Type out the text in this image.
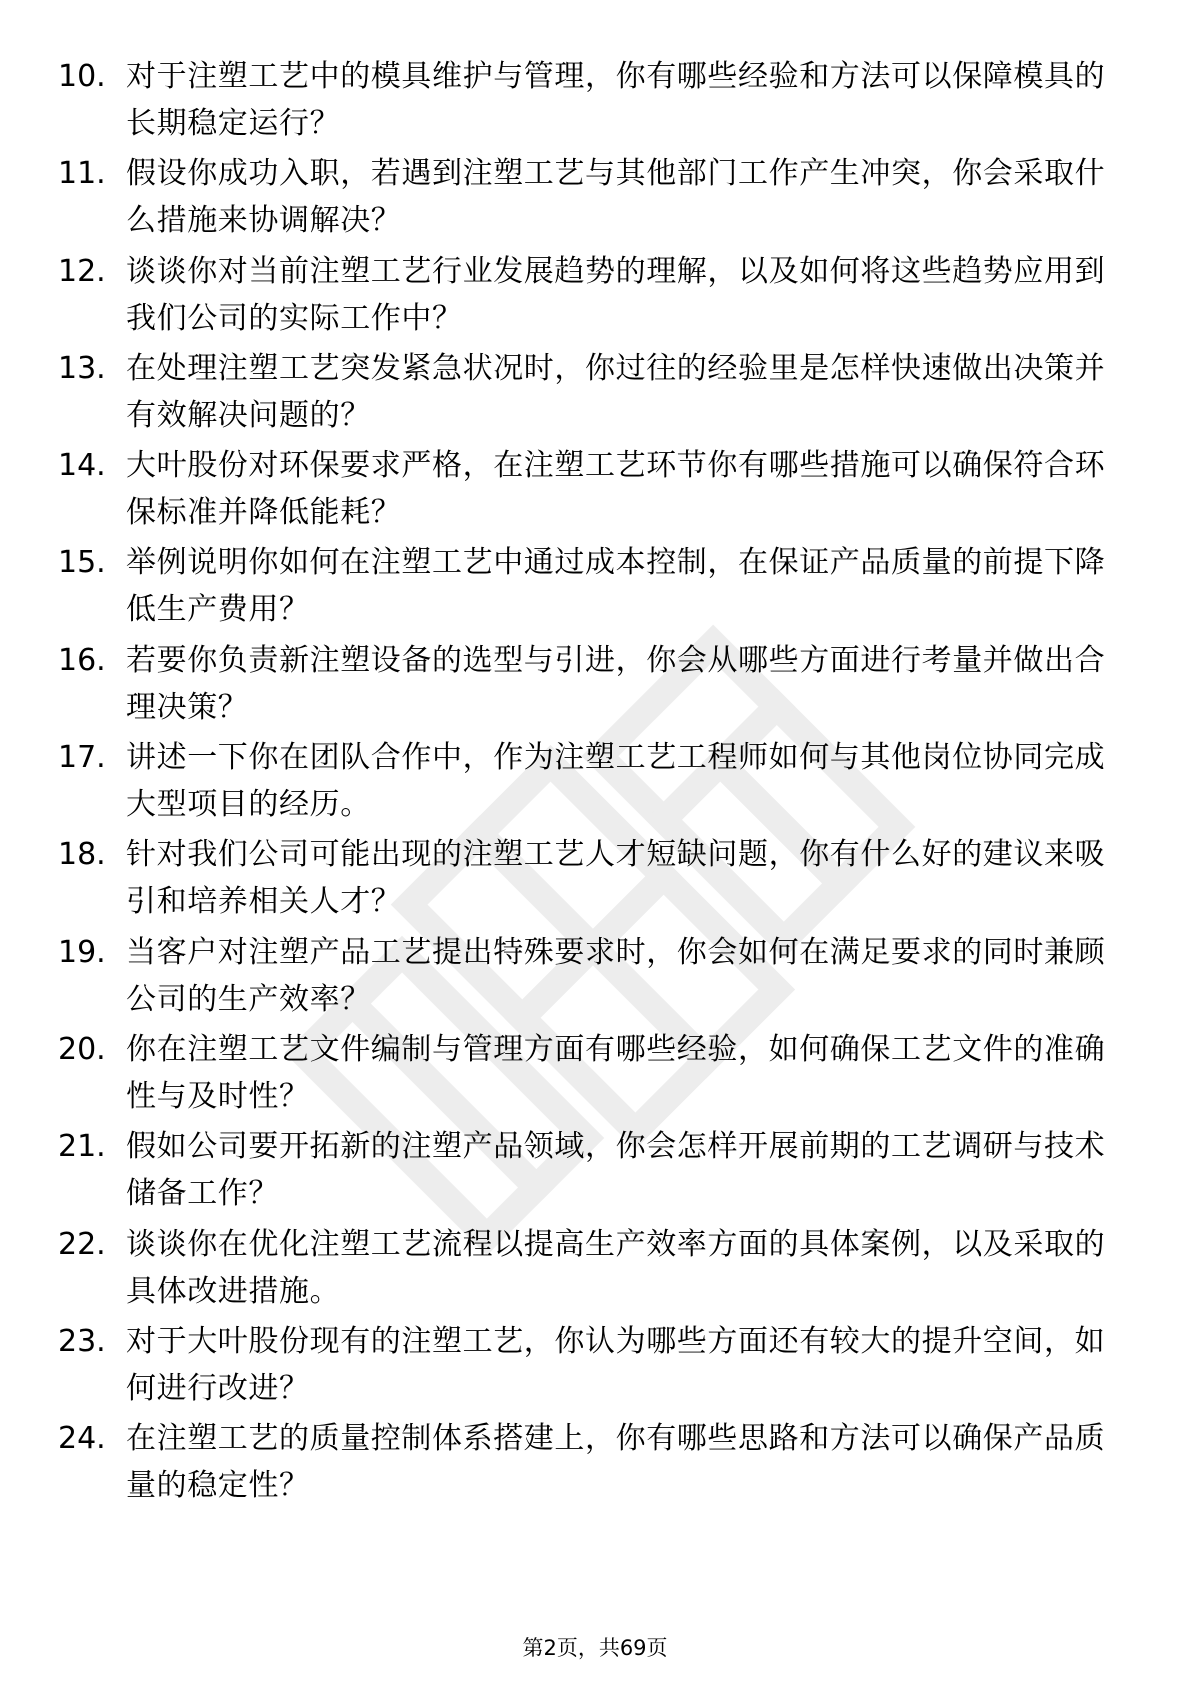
10. 对于注塑工艺中的模具维护与管理，你有哪些经验和方法可以保障模具的长期稳定运行？
11. 假设你成功入职，若遇到注塑工艺与其他部门工作产生冲突，你会采取什么措施来协调解决？
12. 谈谈你对当前注塑工艺行业发展趋势的理解，以及如何将这些趋势应用到我们公司的实际工作中？
13. 在处理注塑工艺突发紧急状况时，你过往的经验里是怎样快速做出决策并有效解决问题的？
14. 大叶股份对环保要求严格，在注塑工艺环节你有哪些措施可以确保符合环保标准并降低能耗？
15. 举例说明你如何在注塑工艺中通过成本控制，在保证产品质量的前提下降低生产费用？
16. 若要你负责新注塑设备的选型与引进，你会从哪些方面进行考量并做出合理决策？
17. 讲述一下你在团队合作中，作为注塑工艺工程师如何与其他岗位协同完成大型项目的经历。
18. 针对我们公司可能出现的注塑工艺人才短缺问题，你有什么好的建议来吸引和培养相关人才？
19. 当客户对注塑产品工艺提出特殊要求时，你会如何在满足要求的同时兼顾公司的生产效率？
20. 你在注塑工艺文件编制与管理方面有哪些经验，如何确保工艺文件的准确性与及时性？
21. 假如公司要开拓新的注塑产品领域，你会怎样开展前期的工艺调研与技术储备工作？
22. 谈谈你在优化注塑工艺流程以提高生产效率方面的具体案例，以及采取的具体改进措施。
23. 对于大叶股份现有的注塑工艺，你认为哪些方面还有较大的提升空间，如何进行改进？
24. 在注塑工艺的质量控制体系搭建上，你有哪些思路和方法可以确保产品质量的稳定性？
第2页，共69页
